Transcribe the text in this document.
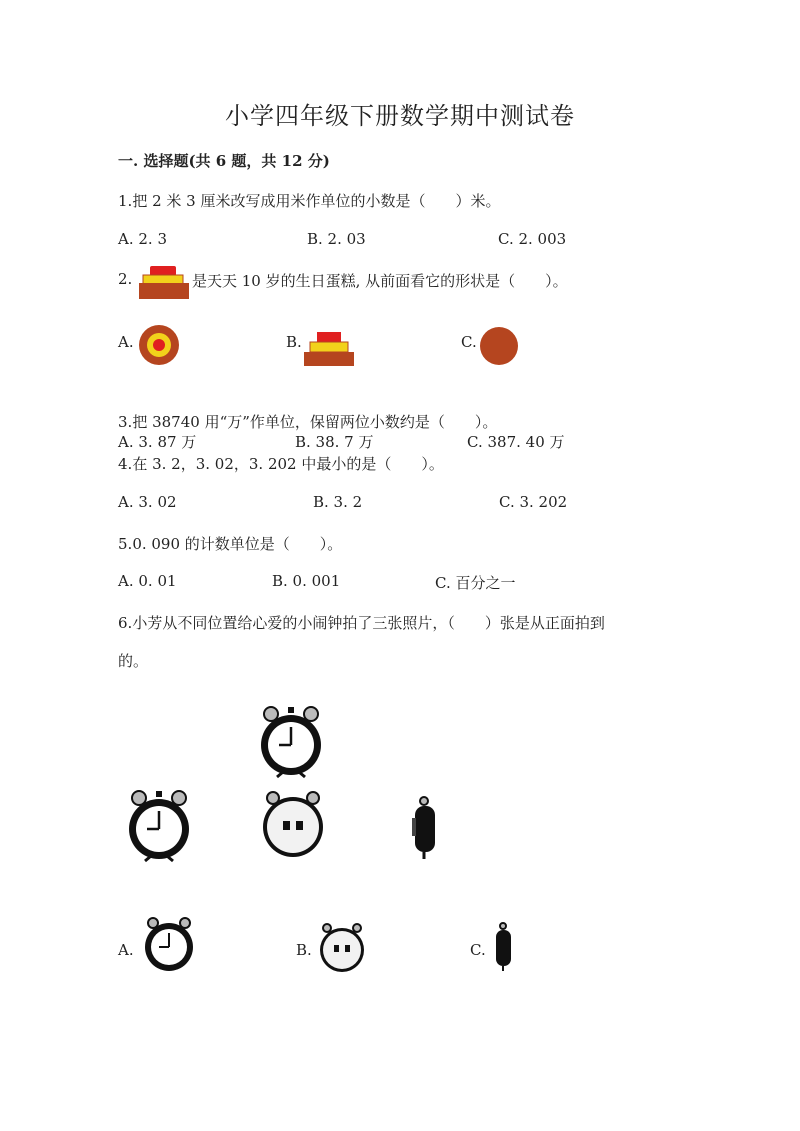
小学四年级下册数学期中测试卷
一. 选择题(共 6 题，共 12 分)
1.把 2 米 3 厘米改写成用米作单位的小数是（　　）米。
A. 2. 3	B. 2. 03	C. 2. 003
2.	是天天 10 岁的生日蛋糕, 从前面看它的形状是（　　）。
A.	B.	C.
3.把 38740 用“万”作单位，保留两位小数约是（　　）。
A. 3. 87 万	B. 38. 7 万	C. 387. 40 万
4.在 3. 2，3. 02，3. 202 中最小的是（　　）。
A. 3. 02	B. 3. 2	C. 3. 202
5.0. 090 的计数单位是（　　）。
A. 0. 01	B. 0. 001	C. 百分之一
6.小芳从不同位置给心爱的小闹钟拍了三张照片，（　　）张是从正面拍到
的。
A.	B.	C.
